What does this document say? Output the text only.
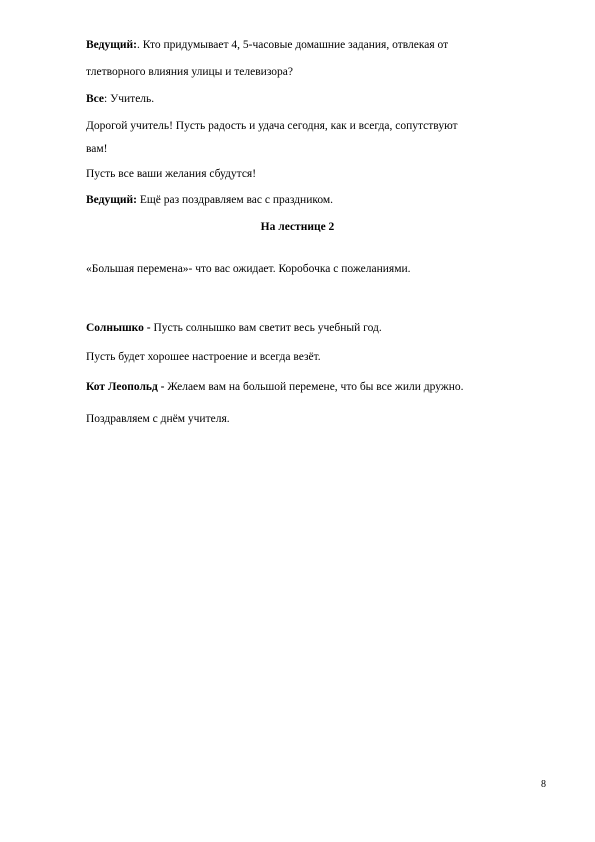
Ведущий:. Кто придумывает 4, 5-часовые домашние задания, отвлекая от
тлетворного влияния улицы и телевизора?
Все: Учитель.
Дорогой учитель! Пусть радость и удача сегодня, как и всегда, сопутствуют
вам!
Пусть все ваши желания сбудутся!
Ведущий: Ещё раз поздравляем вас с праздником.
На лестнице 2
«Большая перемена»- что вас ожидает. Коробочка с пожеланиями.
Солнышко - Пусть солнышко вам светит весь учебный год.
Пусть будет хорошее настроение и всегда везёт.
Кот Леопольд - Желаем вам на большой перемене, что бы все жили дружно.
Поздравляем с днём учителя.
8
